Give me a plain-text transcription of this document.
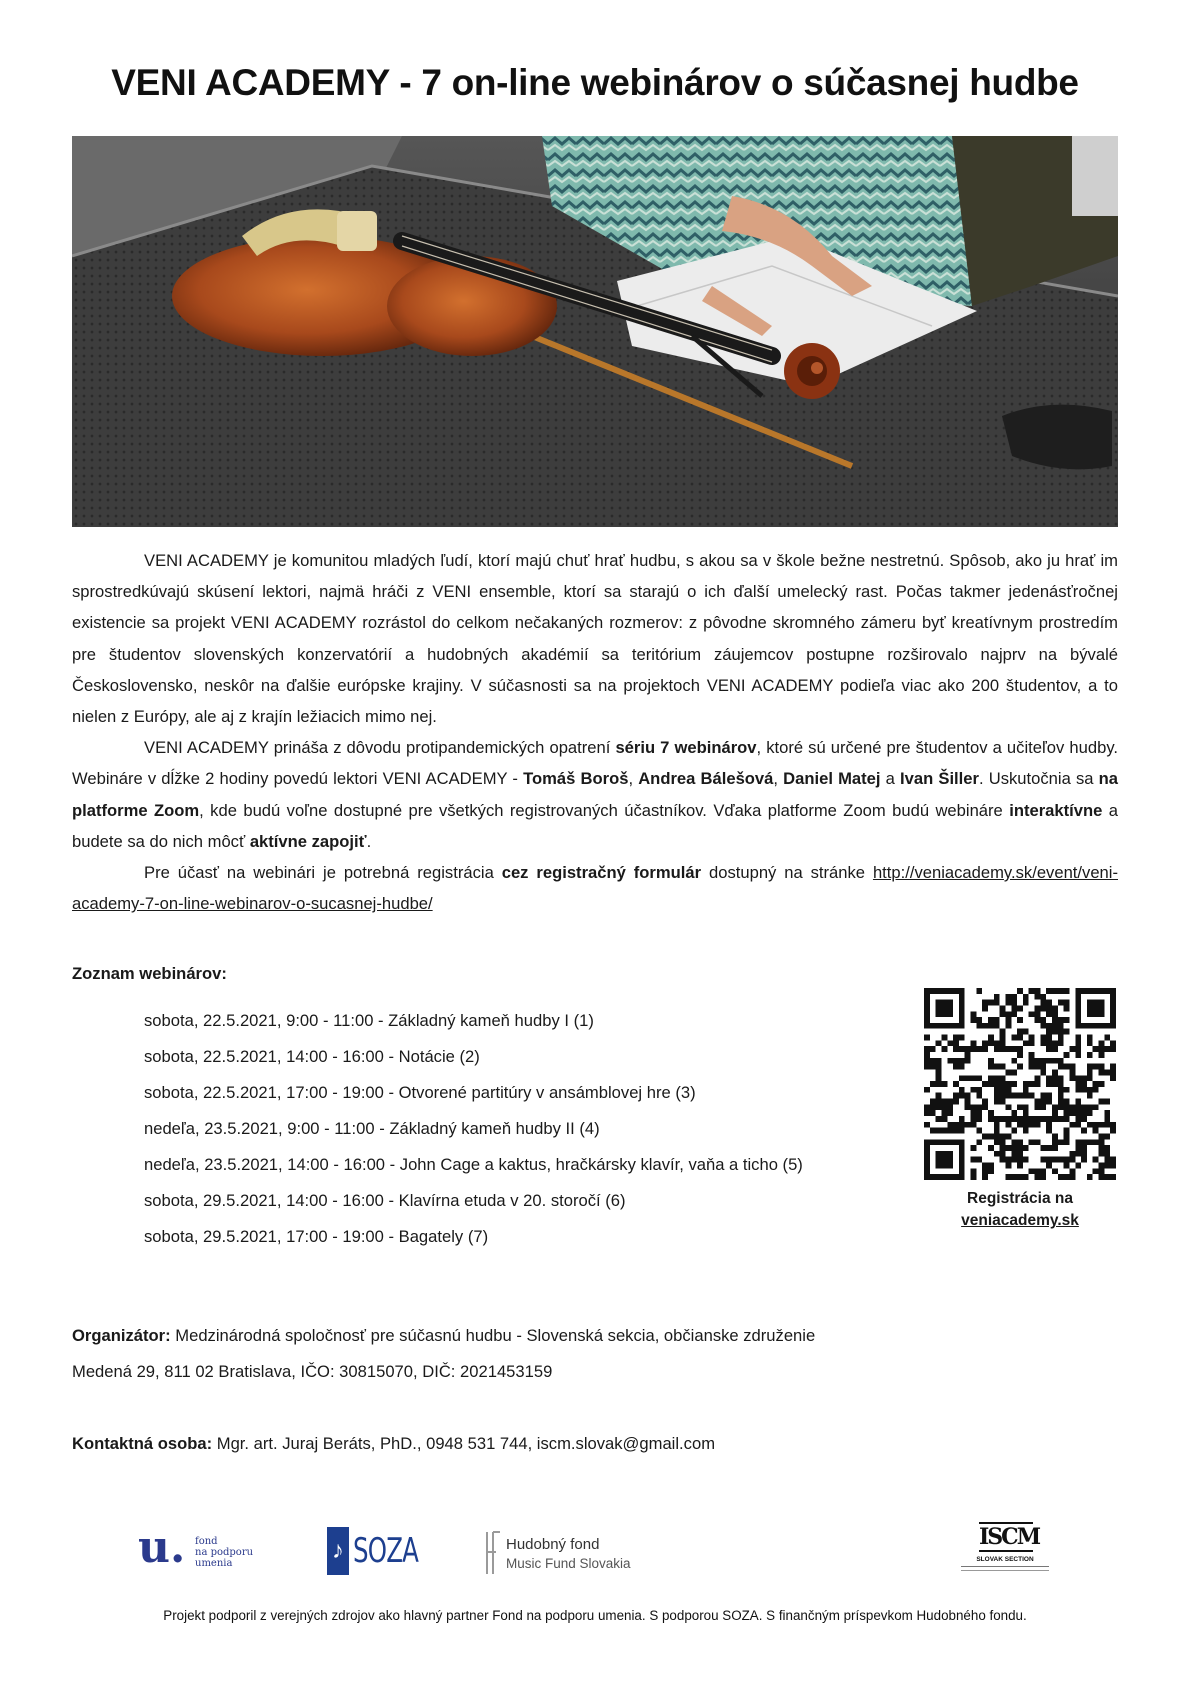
VENI ACADEMY - 7 on-line webinárov o súčasnej hudbe

VENI ACADEMY je komunitou mladých ľudí, ktorí majú chuť hrať hudbu, s akou sa v škole bežne nestretnú. Spôsob, ako ju hrať im sprostredkúvajú skúsení lektori, najmä hráči z VENI ensemble, ktorí sa starajú o ich ďalší umelecký rast. Počas takmer jedenásťročnej existencie sa projekt VENI ACADEMY rozrástol do celkom nečakaných rozmerov: z pôvodne skromného zámeru byť kreatívnym prostredím pre študentov slovenských konzervatórií a hudobných akadémií sa teritórium záujemcov postupne rozširovalo najprv na bývalé Československo, neskôr na ďalšie európske krajiny. V súčasnosti sa na projektoch VENI ACADEMY podieľa viac ako 200 študentov, a to nielen z Európy, ale aj z krajín ležiacich mimo nej.

VENI ACADEMY prináša z dôvodu protipandemických opatrení sériu 7 webinárov, ktoré sú určené pre študentov a učiteľov hudby. Webináre v dĺžke 2 hodiny povedú lektori VENI ACADEMY - Tomáš Boroš, Andrea Bálešová, Daniel Matej a Ivan Šiller. Uskutočnia sa na platforme Zoom, kde budú voľne dostupné pre všetkých registrovaných účastníkov. Vďaka platforme Zoom budú webináre interaktívne a budete sa do nich môcť aktívne zapojiť.

Pre účasť na webinári je potrebná registrácia cez registračný formulár dostupný na stránke http://veniacademy.sk/event/veni-academy-7-on-line-webinarov-o-sucasnej-hudbe/

Zoznam webinárov:
sobota, 22.5.2021, 9:00 - 11:00 - Základný kameň hudby I (1)
sobota, 22.5.2021, 14:00 - 16:00 - Notácie (2)
sobota, 22.5.2021, 17:00 - 19:00 - Otvorené partitúry v ansámblovej hre (3)
nedeľa, 23.5.2021, 9:00 - 11:00 - Základný kameň hudby II (4)
nedeľa, 23.5.2021, 14:00 - 16:00 - John Cage a kaktus, hračkársky klavír, vaňa a ticho (5)
sobota, 29.5.2021, 14:00 - 16:00 - Klavírna etuda v 20. storočí (6)
sobota, 29.5.2021, 17:00 - 19:00 - Bagately (7)
Registrácia na
veniacademy.sk
Organizátor: Medzinárodná spoločnosť pre súčasnú hudbu - Slovenská sekcia, občianske združenie
Medená 29, 811 02 Bratislava, IČO: 30815070, DIČ: 2021453159
Kontaktná osoba: Mgr. art. Juraj Beráts, PhD., 0948 531 744, iscm.slovak@gmail.com
u. fond
na podporu
umenia	♪ SOZA	Hudobný fond
Music Fund Slovakia
ISCM
SLOVAK SECTION
Projekt podporil z verejných zdrojov ako hlavný partner Fond na podporu umenia. S podporou SOZA. S finančným príspevkom Hudobného fondu.
